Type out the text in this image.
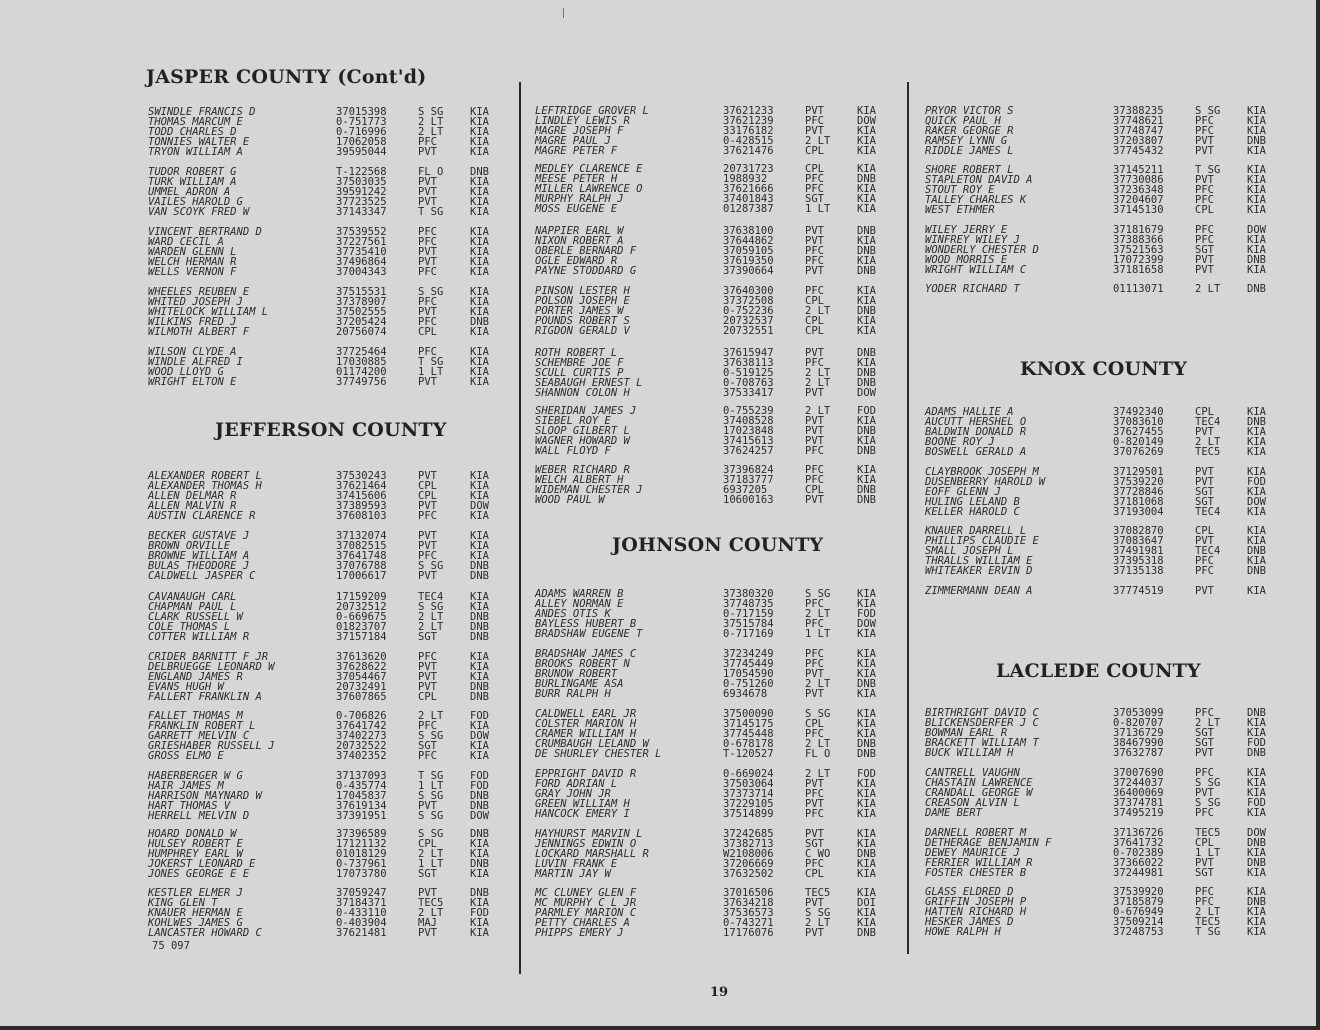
JASPER COUNTY (Cont'd)
JEFFERSON COUNTY
JOHNSON COUNTY
KNOX COUNTY
LACLEDE COUNTY
SWINDLE FRANCIS D	37015398	S SG	KIA
THOMAS MARCUM E	0-751773	2 LT	KIA
TODD CHARLES D	0-716996	2 LT	KIA
TONNIES WALTER E	17062058	PFC	KIA
TRYON WILLIAM A	39595044	PVT	KIA
TUDOR ROBERT G	T-122568	FL O	DNB
TURK WILLIAM A	37503035	PVT	KIA
UMMEL ADRON A	39591242	PVT	KIA
VAILES HAROLD G	37723525	PVT	KIA
VAN SCOYK FRED W	37143347	T SG	KIA
VINCENT BERTRAND D	37539552	PFC	KIA
WARD CECIL A	37227561	PFC	KIA
WARDEN GLENN L	37735410	PVT	KIA
WELCH HERMAN R	37496864	PVT	KIA
WELLS VERNON F	37004343	PFC	KIA
WHEELES REUBEN E	37515531	S SG	KIA
WHITED JOSEPH J	37378907	PFC	KIA
WHITELOCK WILLIAM L	37502555	PVT	KIA
WILKINS FRED J	37205424	PFC	DNB
WILMOTH ALBERT F	20756074	CPL	KIA
WILSON CLYDE A	37725464	PFC	KIA
WINDLE ALFRED I	17030885	T SG	KIA
WOOD LLOYD G	01174200	1 LT	KIA
WRIGHT ELTON E	37749756	PVT	KIA
ALEXANDER ROBERT L	37530243	PVT	KIA
ALEXANDER THOMAS H	37621464	CPL	KIA
ALLEN DELMAR R	37415606	CPL	KIA
ALLEN MALVIN R	37389593	PVT	DOW
AUSTIN CLARENCE R	37608103	PFC	KIA
BECKER GUSTAVE J	37132074	PVT	KIA
BROWN ORVILLE	37082515	PVT	KIA
BROWNE WILLIAM A	37641748	PFC	KIA
BULAS THEODORE J	37076788	S SG	DNB
CALDWELL JASPER C	17006617	PVT	DNB
CAVANAUGH CARL	17159209	TEC4	KIA
CHAPMAN PAUL L	20732512	S SG	KIA
CLARK RUSSELL W	0-669675	2 LT	DNB
COLE THOMAS L	01823707	2 LT	DNB
COTTER WILLIAM R	37157184	SGT	DNB
CRIDER BARNITT F JR	37613620	PFC	KIA
DELBRUEGGE LEONARD W	37628622	PVT	KIA
ENGLAND JAMES R	37054467	PVT	KIA
EVANS HUGH W	20732491	PVT	DNB
FALLERT FRANKLIN A	37607865	CPL	DNB
FALLET THOMAS M	0-706826	2 LT	FOD
FRANKLIN ROBERT L	37641742	PFC	KIA
GARRETT MELVIN C	37402273	S SG	DOW
GRIESHABER RUSSELL J	20732522	SGT	KIA
GROSS ELMO E	37402352	PFC	KIA
HABERBERGER W G	37137093	T SG	FOD
HAIR JAMES M	0-435774	1 LT	FOD
HARRISON MAYNARD W	17045837	S SG	DNB
HART THOMAS V	37619134	PVT	DNB
HERRELL MELVIN D	37391951	S SG	DOW
HOARD DONALD W	37396589	S SG	DNB
HULSEY ROBERT E	17121132	CPL	KIA
HUMPHREY EARL W	01018129	2 LT	KIA
JOKERST LEONARD E	0-737961	1 LT	DNB
JONES GEORGE E E	17073780	SGT	KIA
KESTLER ELMER J	37059247	PVT	DNB
KING GLEN T	37184371	TEC5	KIA
KNAUER HERMAN E	0-433110	2 LT	FOD
KOHLWES JAMES G	0-403904	MAJ	KIA
LANCASTER HOWARD C	37621481	PVT	KIA
LEFTRIDGE GROVER L	37621233	PVT	KIA
LINDLEY LEWIS R	37621239	PFC	DOW
MAGRE JOSEPH F	33176182	PVT	KIA
MAGRE PAUL J	0-428515	2 LT	KIA
MAGRE PETER F	37621476	CPL	KIA
MEDLEY CLARENCE E	20731723	CPL	KIA
MEESE PETER H	1988932	PFC	DNB
MILLER LAWRENCE O	37621666	PFC	KIA
MURPHY RALPH J	37401843	SGT	KIA
MOSS EUGENE E	01287387	1 LT	KIA
NAPPIER EARL W	37638100	PVT	DNB
NIXON ROBERT A	37644862	PVT	KIA
OBERLE BERNARD F	37059105	PFC	DNB
OGLE EDWARD R	37619350	PFC	KIA
PAYNE STODDARD G	37390664	PVT	DNB
PINSON LESTER H	37640300	PFC	KIA
POLSON JOSEPH E	37372508	CPL	KIA
PORTER JAMES W	0-752236	2 LT	DNB
POUNDS ROBERT S	20732537	CPL	KIA
RIGDON GERALD V	20732551	CPL	KIA
ROTH ROBERT L	37615947	PVT	DNB
SCHEMBRE JOE F	37638113	PFC	KIA
SCULL CURTIS P	0-519125	2 LT	DNB
SEABAUGH ERNEST L	0-708763	2 LT	DNB
SHANNON COLON H	37533417	PVT	DOW
SHERIDAN JAMES J	0-755239	2 LT	FOD
SIEBEL ROY E	37408528	PVT	KIA
SLOOP GILBERT L	17023848	PVT	DNB
WAGNER HOWARD W	37415613	PVT	KIA
WALL FLOYD F	37624257	PFC	DNB
WEBER RICHARD R	37396824	PFC	KIA
WELCH ALBERT H	37183777	PFC	KIA
WIDEMAN CHESTER J	6937205	CPL	DNB
WOOD PAUL W	10600163	PVT	DNB
ADAMS WARREN B	37380320	S SG	KIA
ALLEY NORMAN E	37748735	PFC	KIA
ANDES OTIS K	0-717159	2 LT	FOD
BAYLESS HUBERT B	37515784	PFC	DOW
BRADSHAW EUGENE T	0-717169	1 LT	KIA
BRADSHAW JAMES C	37234249	PFC	KIA
BROOKS ROBERT N	37745449	PFC	KIA
BRUNOW ROBERT	17054590	PVT	KIA
BURLINGAME ASA	0-751260	2 LT	DNB
BURR RALPH H	6934678	PVT	KIA
CALDWELL EARL JR	37500090	S SG	KIA
COLSTER MARION H	37145175	CPL	KIA
CRAMER WILLIAM H	37745448	PFC	KIA
CRUMBAUGH LELAND W	0-678178	2 LT	DNB
DE SHURLEY CHESTER L	T-120527	FL O	DNB
EPPRIGHT DAVID R	0-669024	2 LT	FOD
FORD ADRIAN L	37503064	PVT	KIA
GRAY JOHN JR	37373714	PFC	KIA
GREEN WILLIAM H	37229105	PVT	KIA
HANCOCK EMERY I	37514899	PFC	KIA
HAYHURST MARVIN L	37242685	PVT	KIA
JENNINGS EDWIN O	37382713	SGT	KIA
LOCKARD MARSHALL R	W2108006	C WO	DNB
LUVIN FRANK E	37206669	PFC	KIA
MARTIN JAY W	37632502	CPL	KIA
MC CLUNEY GLEN F	37016506	TEC5	KIA
MC MURPHY C L JR	37634218	PVT	DOI
PARMLEY MARION C	37536573	S SG	KIA
PETTY CHARLES A	0-743271	2 LT	KIA
PHIPPS EMERY J	17176076	PVT	DNB
PRYOR VICTOR S	37388235	S SG	KIA
QUICK PAUL H	37748621	PFC	KIA
RAKER GEORGE R	37748747	PFC	KIA
RAMSEY LYNN G	37203807	PVT	DNB
RIDDLE JAMES L	37745432	PVT	KIA
SHORE ROBERT L	37145211	T SG	KIA
STAPLETON DAVID A	37730086	PVT	KIA
STOUT ROY E	37236348	PFC	KIA
TALLEY CHARLES K	37204607	PFC	KIA
WEST ETHMER	37145130	CPL	KIA
WILEY JERRY E	37181679	PFC	DOW
WINFREY WILEY J	37388366	PFC	KIA
WONDERLY CHESTER D	37521563	SGT	KIA
WOOD MORRIS E	17072399	PVT	DNB
WRIGHT WILLIAM C	37181658	PVT	KIA
YODER RICHARD T	01113071	2 LT	DNB
ADAMS HALLIE A	37492340	CPL	KIA
AUCUTT HERSHEL O	37083610	TEC4	DNB
BALDWIN DONALD R	37627455	PVT	KIA
BOONE ROY J	0-820149	2 LT	KIA
BOSWELL GERALD A	37076269	TEC5	KIA
CLAYBROOK JOSEPH M	37129501	PVT	KIA
DUSENBERRY HAROLD W	37539220	PVT	FOD
EOFF GLENN J	37728846	SGT	KIA
HULING LELAND B	37181068	SGT	DOW
KELLER HAROLD C	37193004	TEC4	KIA
KNAUER DARRELL L	37082870	CPL	KIA
PHILLIPS CLAUDIE E	37083647	PVT	KIA
SMALL JOSEPH L	37491981	TEC4	DNB
THRALLS WILLIAM E	37395318	PFC	KIA
WHITEAKER ERVIN D	37135138	PFC	DNB
ZIMMERMANN DEAN A	37774519	PVT	KIA
BIRTHRIGHT DAVID C	37053099	PFC	DNB
BLICKENSDERFER J C	0-820707	2 LT	KIA
BOWMAN EARL R	37136729	SGT	KIA
BRACKETT WILLIAM T	38467990	SGT	FOD
BUCK WILLIAM H	37632787	PVT	DNB
CANTRELL VAUGHN	37007690	PFC	KIA
CHASTAIN LAWRENCE	37244037	S SG	KIA
CRANDALL GEORGE W	36400069	PVT	KIA
CREASON ALVIN L	37374781	S SG	FOD
DAME BERT	37495219	PFC	KIA
DARNELL ROBERT M	37136726	TEC5	DOW
DETHERAGE BENJAMIN F	37641732	CPL	DNB
DEWEY MAURICE J	0-702389	1 LT	KIA
FERRIER WILLIAM R	37366022	PVT	DNB
FOSTER CHESTER B	37244981	SGT	KIA
GLASS ELDRED D	37539920	PFC	KIA
GRIFFIN JOSEPH P	37185879	PFC	DNB
HATTEN RICHARD H	0-676949	2 LT	KIA
HESKER JAMES D	37509214	TEC5	KIA
HOWE RALPH H	37248753	T SG	KIA
75 097
19
